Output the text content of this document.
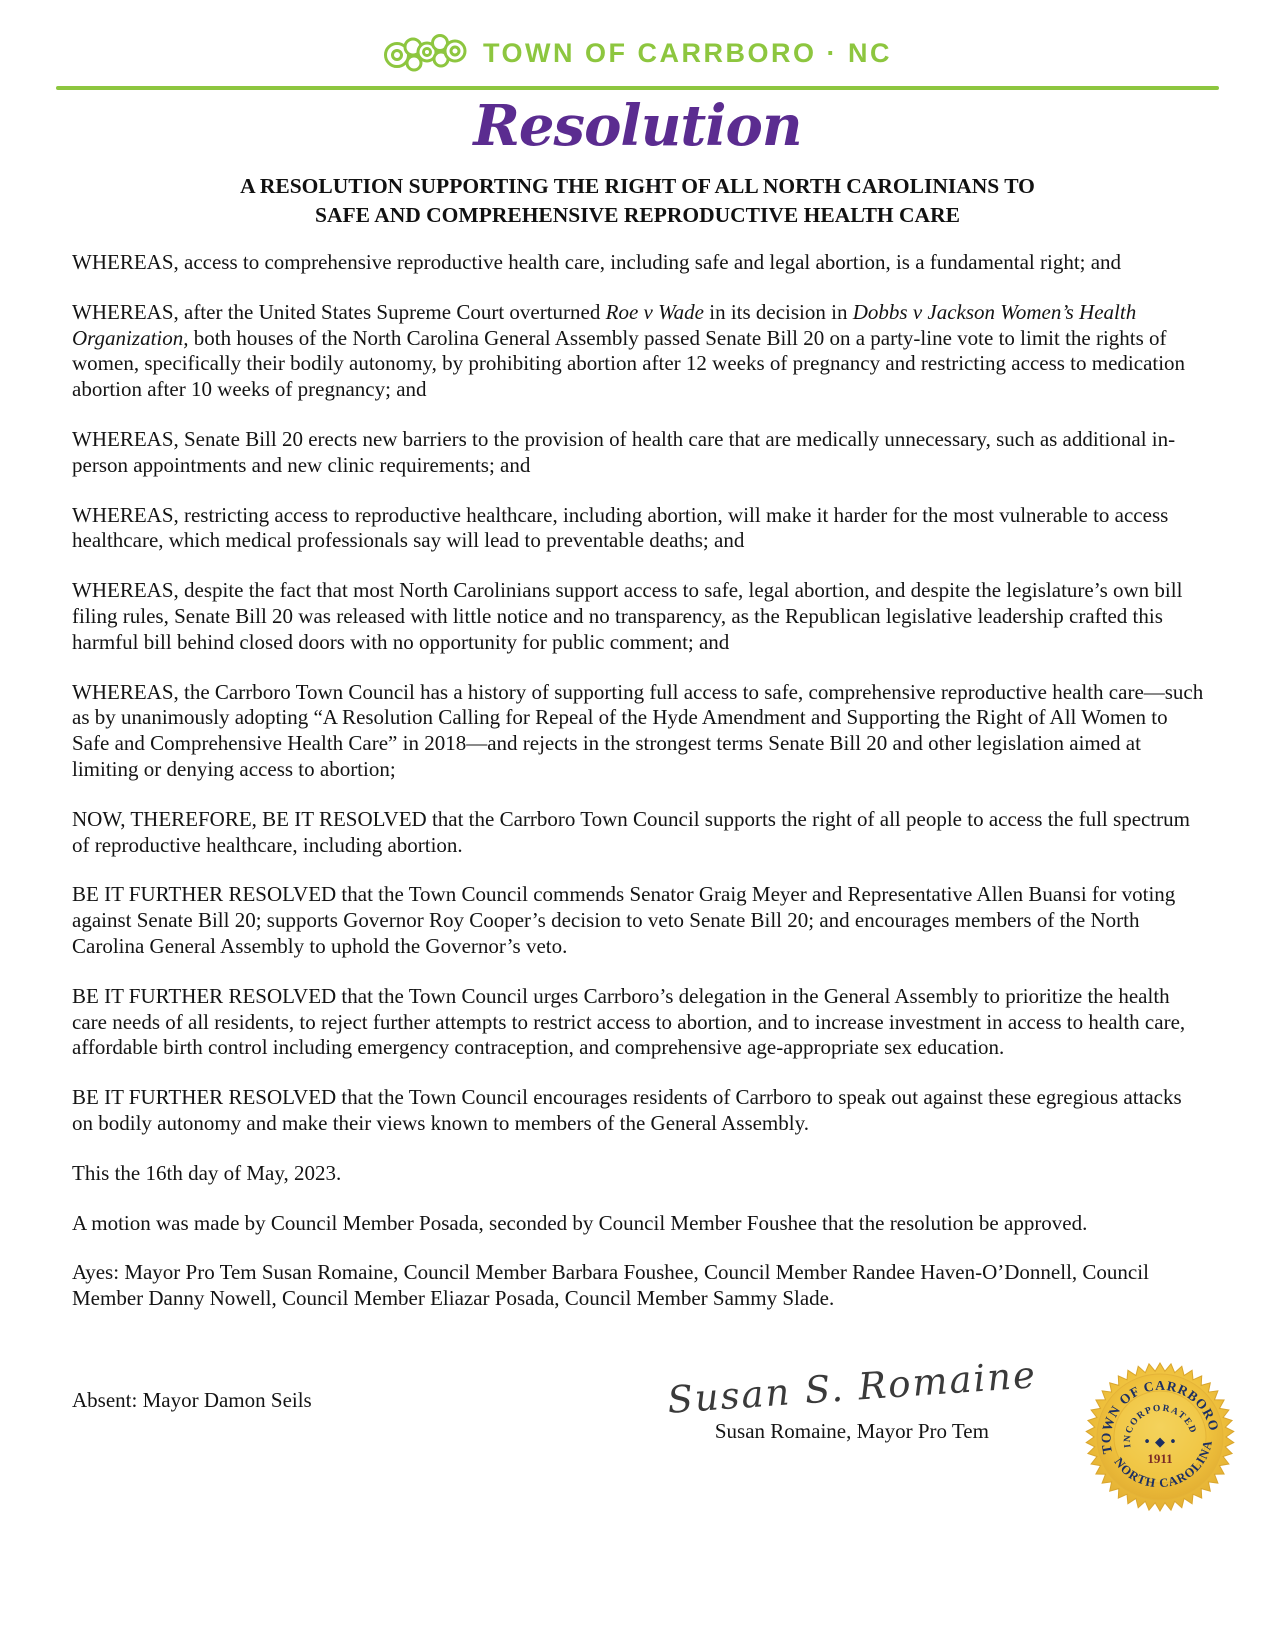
TOWN OF CARRBORO · NC
Resolution
A RESOLUTION SUPPORTING THE RIGHT OF ALL NORTH CAROLINIANS TO
SAFE AND COMPREHENSIVE REPRODUCTIVE HEALTH CARE

WHEREAS, access to comprehensive reproductive health care, including safe and legal abortion, is a fundamental right; and

WHEREAS, after the United States Supreme Court overturned Roe v Wade in its decision in Dobbs v Jackson Women’s Health Organization, both houses of the North Carolina General Assembly passed Senate Bill 20 on a party-line vote to limit the rights of women, specifically their bodily autonomy, by prohibiting abortion after 12 weeks of pregnancy and restricting access to medication abortion after 10 weeks of pregnancy; and

WHEREAS, Senate Bill 20 erects new barriers to the provision of health care that are medically unnecessary, such as additional in-person appointments and new clinic requirements; and

WHEREAS, restricting access to reproductive healthcare, including abortion, will make it harder for the most vulnerable to access healthcare, which medical professionals say will lead to preventable deaths; and

WHEREAS, despite the fact that most North Carolinians support access to safe, legal abortion, and despite the legislature’s own bill filing rules, Senate Bill 20 was released with little notice and no transparency, as the Republican legislative leadership crafted this harmful bill behind closed doors with no opportunity for public comment; and

WHEREAS, the Carrboro Town Council has a history of supporting full access to safe, comprehensive reproductive health care—such as by unanimously adopting “A Resolution Calling for Repeal of the Hyde Amendment and Supporting the Right of All Women to Safe and Comprehensive Health Care” in 2018—and rejects in the strongest terms Senate Bill 20 and other legislation aimed at limiting or denying access to abortion;

NOW, THEREFORE, BE IT RESOLVED that the Carrboro Town Council supports the right of all people to access the full spectrum of reproductive healthcare, including abortion.

BE IT FURTHER RESOLVED that the Town Council commends Senator Graig Meyer and Representative Allen Buansi for voting against Senate Bill 20; supports Governor Roy Cooper’s decision to veto Senate Bill 20; and encourages members of the North Carolina General Assembly to uphold the Governor’s veto.

BE IT FURTHER RESOLVED that the Town Council urges Carrboro’s delegation in the General Assembly to prioritize the health care needs of all residents, to reject further attempts to restrict access to abortion, and to increase investment in access to health care, affordable birth control including emergency contraception, and comprehensive age-appropriate sex education.

BE IT FURTHER RESOLVED that the Town Council encourages residents of Carrboro to speak out against these egregious attacks on bodily autonomy and make their views known to members of the General Assembly.

This the 16th day of May, 2023.

A motion was made by Council Member Posada, seconded by Council Member Foushee that the resolution be approved.

Ayes: Mayor Pro Tem Susan Romaine, Council Member Barbara Foushee, Council Member Randee Haven-O’Donnell, Council Member Danny Nowell, Council Member Eliazar Posada, Council Member Sammy Slade.

Absent: Mayor Damon Seils	Susan S. Romaine
Susan Romaine, Mayor Pro Tem
TOWN OF CARRBORO
INCORPORATED
NORTH CAROLINA
• ◆ •
1911
